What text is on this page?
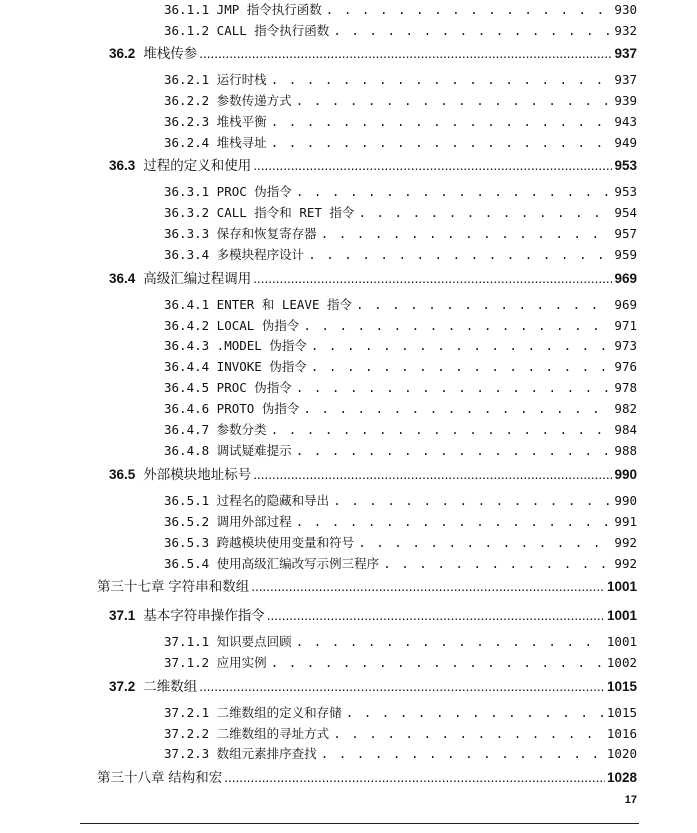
36.1.1 JMP 指令执行函数 . . .	930
36.1.2 CALL 指令执行函数 . . .	932
36.2 堆栈传参 .....	937
36.2.1 运行时栈 . . .	937
36.2.2 参数传递方式 . . .	939
36.2.3 堆栈平衡 . . .	943
36.2.4 堆栈寻址 . . .	949
36.3 过程的定义和使用 .....	953
36.3.1 PROC 伪指令 . . .	953
36.3.2 CALL 指令和 RET 指令 . . .	954
36.3.3 保存和恢复寄存器 . . .	957
36.3.4 多模块程序设计 . . .	959
36.4 高级汇编过程调用 .....	969
36.4.1 ENTER 和 LEAVE 指令 . . .	969
36.4.2 LOCAL 伪指令 . . .	971
36.4.3 .MODEL 伪指令 . . .	973
36.4.4 INVOKE 伪指令 . . .	976
36.4.5 PROC 伪指令 . . .	978
36.4.6 PROTO 伪指令 . . .	982
36.4.7 参数分类 . . .	984
36.4.8 调试疑难提示 . . .	988
36.5 外部模块地址标号 .....	990
36.5.1 过程名的隐藏和导出 . . .	990
36.5.2 调用外部过程 . . .	991
36.5.3 跨越模块使用变量和符号 . . .	992
36.5.4 使用高级汇编改写示例三程序 . . .	992
第三十七章 字符串和数组 .....	1001
37.1 基本字符串操作指令 .....	1001
37.1.1 知识要点回顾 . . .	1001
37.1.2 应用实例 . . .	1002
37.2 二维数组 .....	1015
37.2.1 二维数组的定义和存储 . . .	1015
37.2.2 二维数组的寻址方式 . . .	1016
37.2.3 数组元素排序查找 . . .	1020
第三十八章 结构和宏 .....	1028
17
